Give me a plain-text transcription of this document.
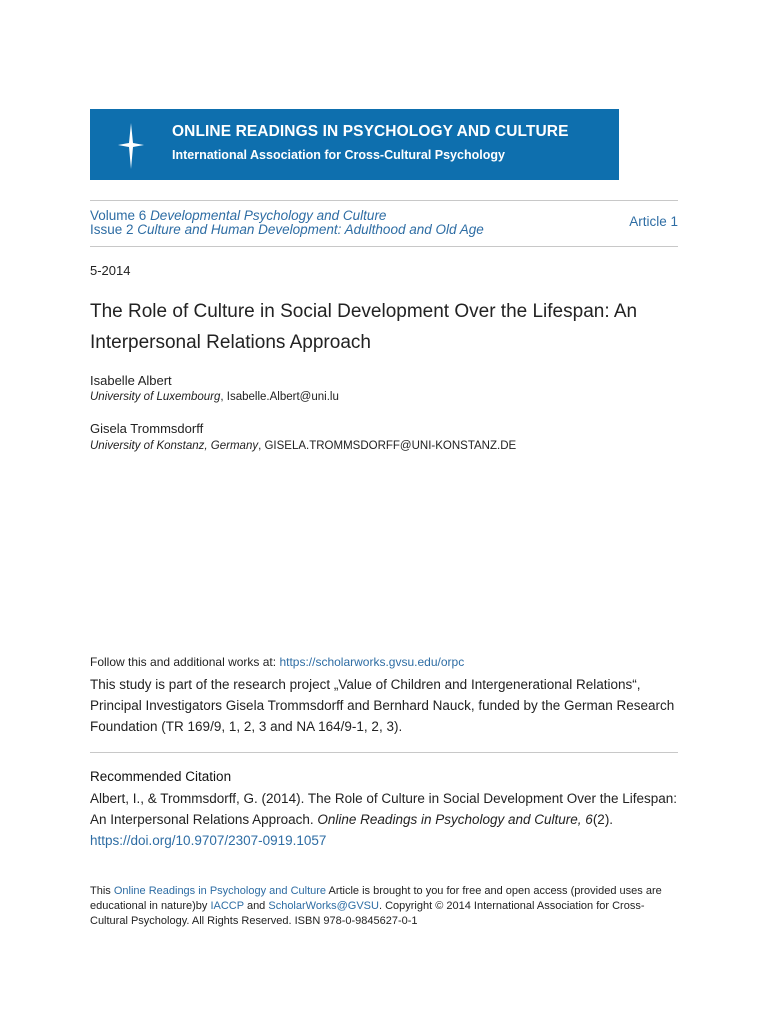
ONLINE READINGS IN PSYCHOLOGY AND CULTURE
International Association for Cross-Cultural Psychology
Volume 6 Developmental Psychology and Culture
Issue 2 Culture and Human Development: Adulthood and Old Age
Article 1
5-2014
The Role of Culture in Social Development Over the Lifespan: An Interpersonal Relations Approach
Isabelle Albert
University of Luxembourg, Isabelle.Albert@uni.lu
Gisela Trommsdorff
University of Konstanz, Germany, GISELA.TROMMSDORFF@UNI-KONSTANZ.DE
Follow this and additional works at: https://scholarworks.gvsu.edu/orpc
This study is part of the research project „Value of Children and Intergenerational Relations“, Principal Investigators Gisela Trommsdorff and Bernhard Nauck, funded by the German Research Foundation (TR 169/9, 1, 2, 3 and NA 164/9-1, 2, 3).
Recommended Citation
Albert, I., & Trommsdorff, G. (2014). The Role of Culture in Social Development Over the Lifespan: An Interpersonal Relations Approach. Online Readings in Psychology and Culture, 6(2).
https://doi.org/10.9707/2307-0919.1057
This Online Readings in Psychology and Culture Article is brought to you for free and open access (provided uses are educational in nature)by IACCP and ScholarWorks@GVSU. Copyright © 2014 International Association for Cross-Cultural Psychology. All Rights Reserved. ISBN 978-0-9845627-0-1
